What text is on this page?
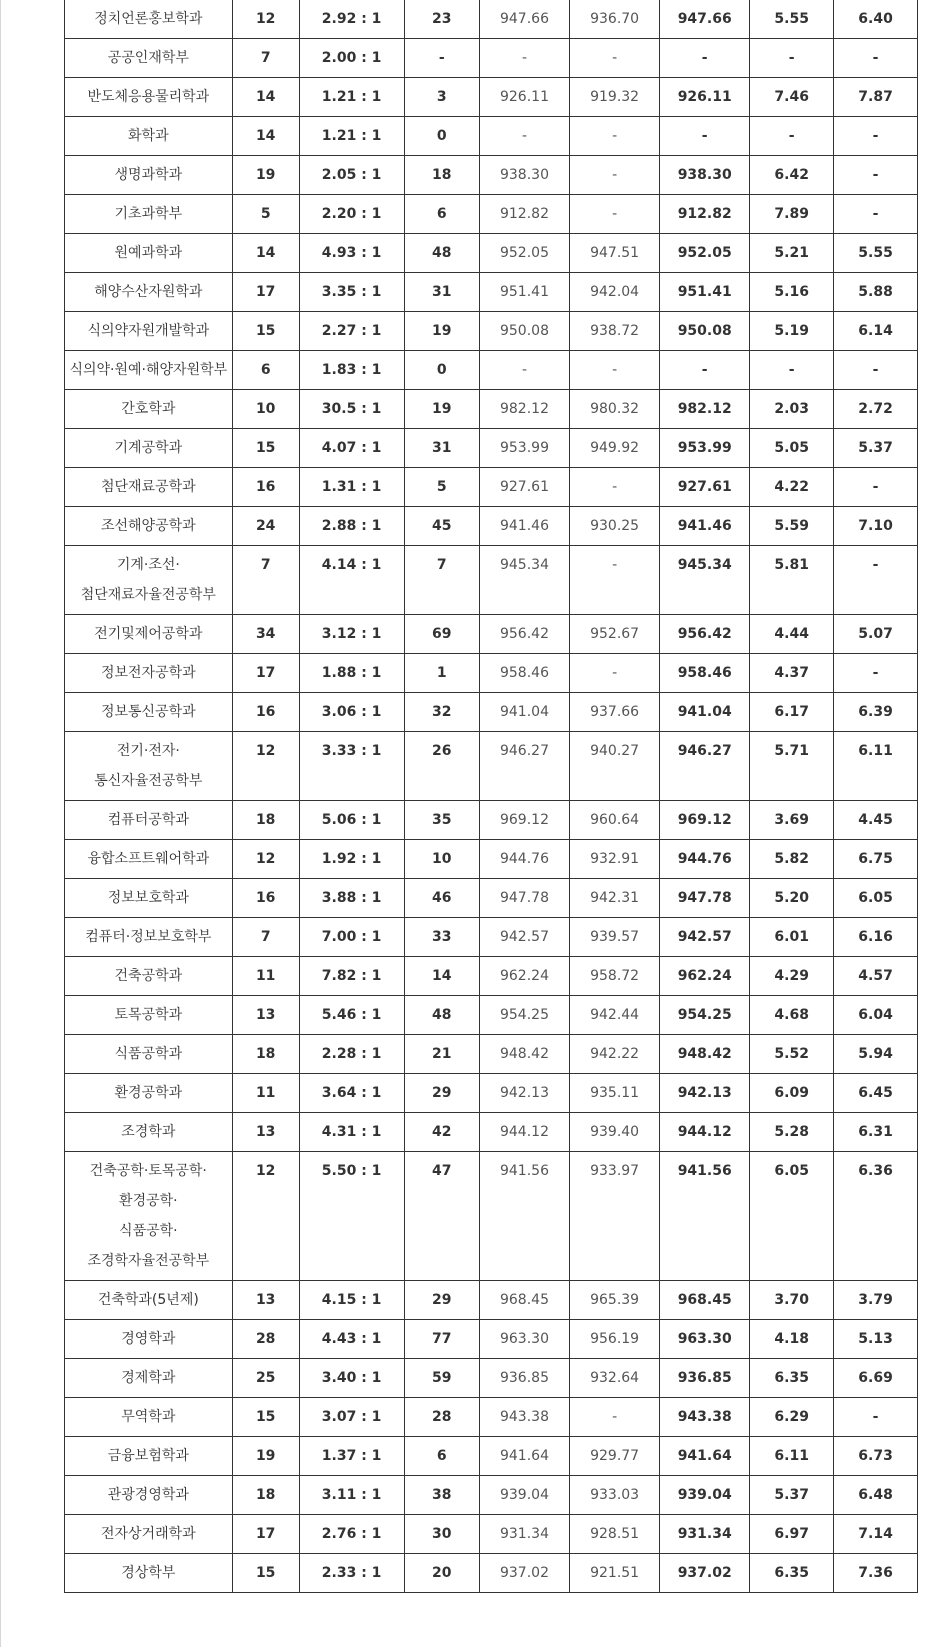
정치언론홍보학과	12	2.92 : 1	23	947.66	936.70	947.66	5.55	6.40
공공인재학부	7	2.00 : 1	-	-	-	-	-	-
반도체응용물리학과	14	1.21 : 1	3	926.11	919.32	926.11	7.46	7.87
화학과	14	1.21 : 1	0	-	-	-	-	-
생명과학과	19	2.05 : 1	18	938.30	-	938.30	6.42	-
기초과학부	5	2.20 : 1	6	912.82	-	912.82	7.89	-
원예과학과	14	4.93 : 1	48	952.05	947.51	952.05	5.21	5.55
해양수산자원학과	17	3.35 : 1	31	951.41	942.04	951.41	5.16	5.88
식의약자원개발학과	15	2.27 : 1	19	950.08	938.72	950.08	5.19	6.14
식의약·원예·해양자원학부	6	1.83 : 1	0	-	-	-	-	-
간호학과	10	30.5 : 1	19	982.12	980.32	982.12	2.03	2.72
기계공학과	15	4.07 : 1	31	953.99	949.92	953.99	5.05	5.37
첨단재료공학과	16	1.31 : 1	5	927.61	-	927.61	4.22	-
조선해양공학과	24	2.88 : 1	45	941.46	930.25	941.46	5.59	7.10
기계·조선·첨단재료자율전공학부	7	4.14 : 1	7	945.34	-	945.34	5.81	-
전기및제어공학과	34	3.12 : 1	69	956.42	952.67	956.42	4.44	5.07
정보전자공학과	17	1.88 : 1	1	958.46	-	958.46	4.37	-
정보통신공학과	16	3.06 : 1	32	941.04	937.66	941.04	6.17	6.39
전기·전자·통신자율전공학부	12	3.33 : 1	26	946.27	940.27	946.27	5.71	6.11
컴퓨터공학과	18	5.06 : 1	35	969.12	960.64	969.12	3.69	4.45
융합소프트웨어학과	12	1.92 : 1	10	944.76	932.91	944.76	5.82	6.75
정보보호학과	16	3.88 : 1	46	947.78	942.31	947.78	5.20	6.05
컴퓨터·정보보호학부	7	7.00 : 1	33	942.57	939.57	942.57	6.01	6.16
건축공학과	11	7.82 : 1	14	962.24	958.72	962.24	4.29	4.57
토목공학과	13	5.46 : 1	48	954.25	942.44	954.25	4.68	6.04
식품공학과	18	2.28 : 1	21	948.42	942.22	948.42	5.52	5.94
환경공학과	11	3.64 : 1	29	942.13	935.11	942.13	6.09	6.45
조경학과	13	4.31 : 1	42	944.12	939.40	944.12	5.28	6.31
건축공학·토목공학·환경공학·
식품공학·조경학자율전공학부	12	5.50 : 1	47	941.56	933.97	941.56	6.05	6.36
건축학과(5년제)	13	4.15 : 1	29	968.45	965.39	968.45	3.70	3.79
경영학과	28	4.43 : 1	77	963.30	956.19	963.30	4.18	5.13
경제학과	25	3.40 : 1	59	936.85	932.64	936.85	6.35	6.69
무역학과	15	3.07 : 1	28	943.38	-	943.38	6.29	-
금융보험학과	19	1.37 : 1	6	941.64	929.77	941.64	6.11	6.73
관광경영학과	18	3.11 : 1	38	939.04	933.03	939.04	5.37	6.48
전자상거래학과	17	2.76 : 1	30	931.34	928.51	931.34	6.97	7.14
경상학부	15	2.33 : 1	20	937.02	921.51	937.02	6.35	7.36
